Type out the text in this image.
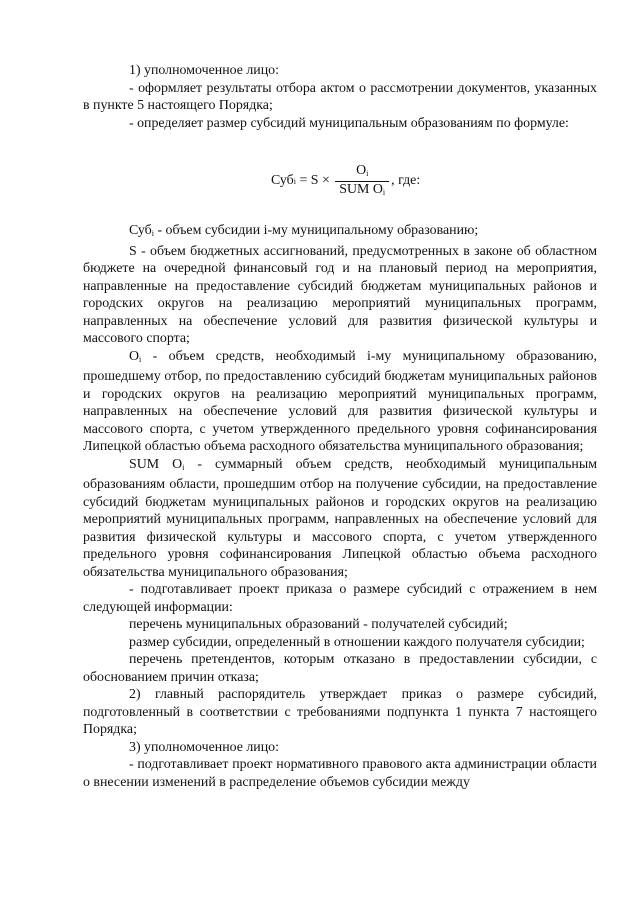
1) уполномоченное лицо:

- оформляет результаты отбора актом о рассмотрении документов, указанных в пункте 5 настоящего Порядка;

- определяет размер субсидий муниципальным образованиям по формуле:

Суб $i = S \times \frac{O_i}{SUM O_i}$ , где:

Суб$_i$ - объем субсидии i-му муниципальному образованию;

S - объем бюджетных ассигнований, предусмотренных в законе об областном бюджете на очередной финансовый год и на плановый период на мероприятия, направленные на предоставление субсидий бюджетам муниципальных районов и городских округов на реализацию мероприятий муниципальных программ, направленных на обеспечение условий для развития физической культуры и массового спорта;

$O_i$ - объем средств, необходимый i-му муниципальному образованию, прошедшему отбор, по предоставлению субсидий бюджетам муниципальных районов и городских округов на реализацию мероприятий муниципальных программ, направленных на обеспечение условий для развития физической культуры и массового спорта, с учетом утвержденного предельного уровня софинансирования Липецкой областью объема расходного обязательства муниципального образования;

SUM $O_i$ - суммарный объем средств, необходимый муниципальным образованиям области, прошедшим отбор на получение субсидии, на предоставление субсидий бюджетам муниципальных районов и городских округов на реализацию мероприятий муниципальных программ, направленных на обеспечение условий для развития физической культуры и массового спорта, с учетом утвержденного предельного уровня софинансирования Липецкой областью объема расходного обязательства муниципального образования;

- подготавливает проект приказа о размере субсидий с отражением в нем следующей информации:

перечень муниципальных образований - получателей субсидий;

размер субсидии, определенный в отношении каждого получателя субсидии;

перечень претендентов, которым отказано в предоставлении субсидии, с обоснованием причин отказа;

2) главный распорядитель утверждает приказ о размере субсидий, подготовленный в соответствии с требованиями подпункта 1 пункта 7 настоящего Порядка;

3) уполномоченное лицо:

- подготавливает проект нормативного правового акта администрации области о внесении изменений в распределение объемов субсидии между
